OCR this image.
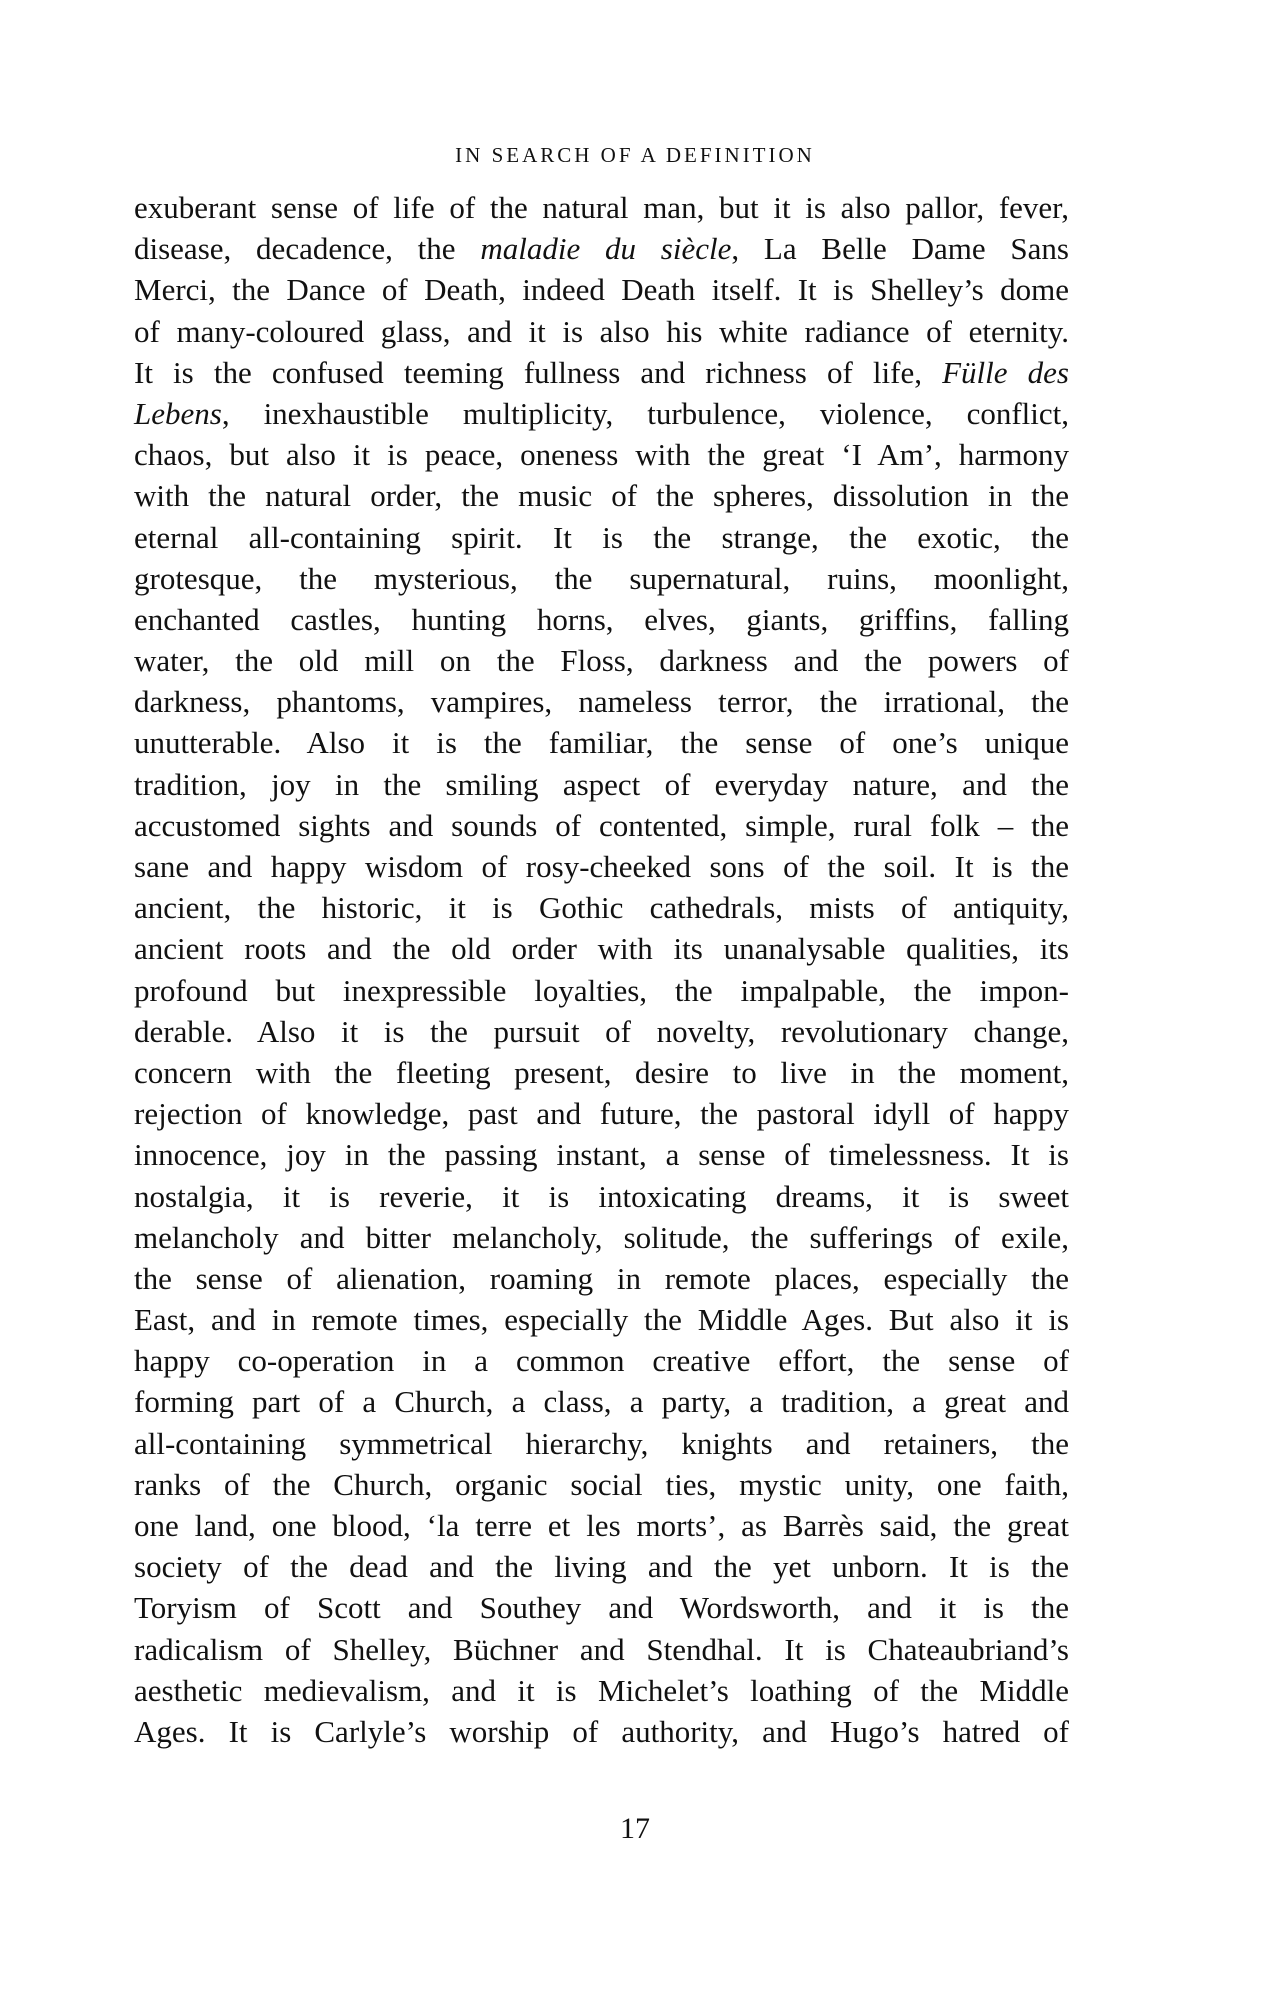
IN SEARCH OF A DEFINITION
exuberant sense of life of the natural man, but it is also pallor, fever,
disease, decadence, the maladie du siècle, La Belle Dame Sans
Merci, the Dance of Death, indeed Death itself. It is Shelley’s dome
of many-coloured glass, and it is also his white radiance of eternity.
It is the confused teeming fullness and richness of life, Fülle des
Lebens, inexhaustible multiplicity, turbulence, violence, conflict,
chaos, but also it is peace, oneness with the great ‘I Am’, harmony
with the natural order, the music of the spheres, dissolution in the
eternal all-containing spirit. It is the strange, the exotic, the
grotesque, the mysterious, the supernatural, ruins, moonlight,
enchanted castles, hunting horns, elves, giants, griffins, falling
water, the old mill on the Floss, darkness and the powers of
darkness, phantoms, vampires, nameless terror, the irrational, the
unutterable. Also it is the familiar, the sense of one’s unique
tradition, joy in the smiling aspect of everyday nature, and the
accustomed sights and sounds of contented, simple, rural folk – the
sane and happy wisdom of rosy-cheeked sons of the soil. It is the
ancient, the historic, it is Gothic cathedrals, mists of antiquity,
ancient roots and the old order with its unanalysable qualities, its
profound but inexpressible loyalties, the impalpable, the impon-
derable. Also it is the pursuit of novelty, revolutionary change,
concern with the fleeting present, desire to live in the moment,
rejection of knowledge, past and future, the pastoral idyll of happy
innocence, joy in the passing instant, a sense of timelessness. It is
nostalgia, it is reverie, it is intoxicating dreams, it is sweet
melancholy and bitter melancholy, solitude, the sufferings of exile,
the sense of alienation, roaming in remote places, especially the
East, and in remote times, especially the Middle Ages. But also it is
happy co-operation in a common creative effort, the sense of
forming part of a Church, a class, a party, a tradition, a great and
all-containing symmetrical hierarchy, knights and retainers, the
ranks of the Church, organic social ties, mystic unity, one faith,
one land, one blood, ‘la terre et les morts’, as Barrès said, the great
society of the dead and the living and the yet unborn. It is the
Toryism of Scott and Southey and Wordsworth, and it is the
radicalism of Shelley, Büchner and Stendhal. It is Chateaubriand’s
aesthetic medievalism, and it is Michelet’s loathing of the Middle
Ages. It is Carlyle’s worship of authority, and Hugo’s hatred of
17
